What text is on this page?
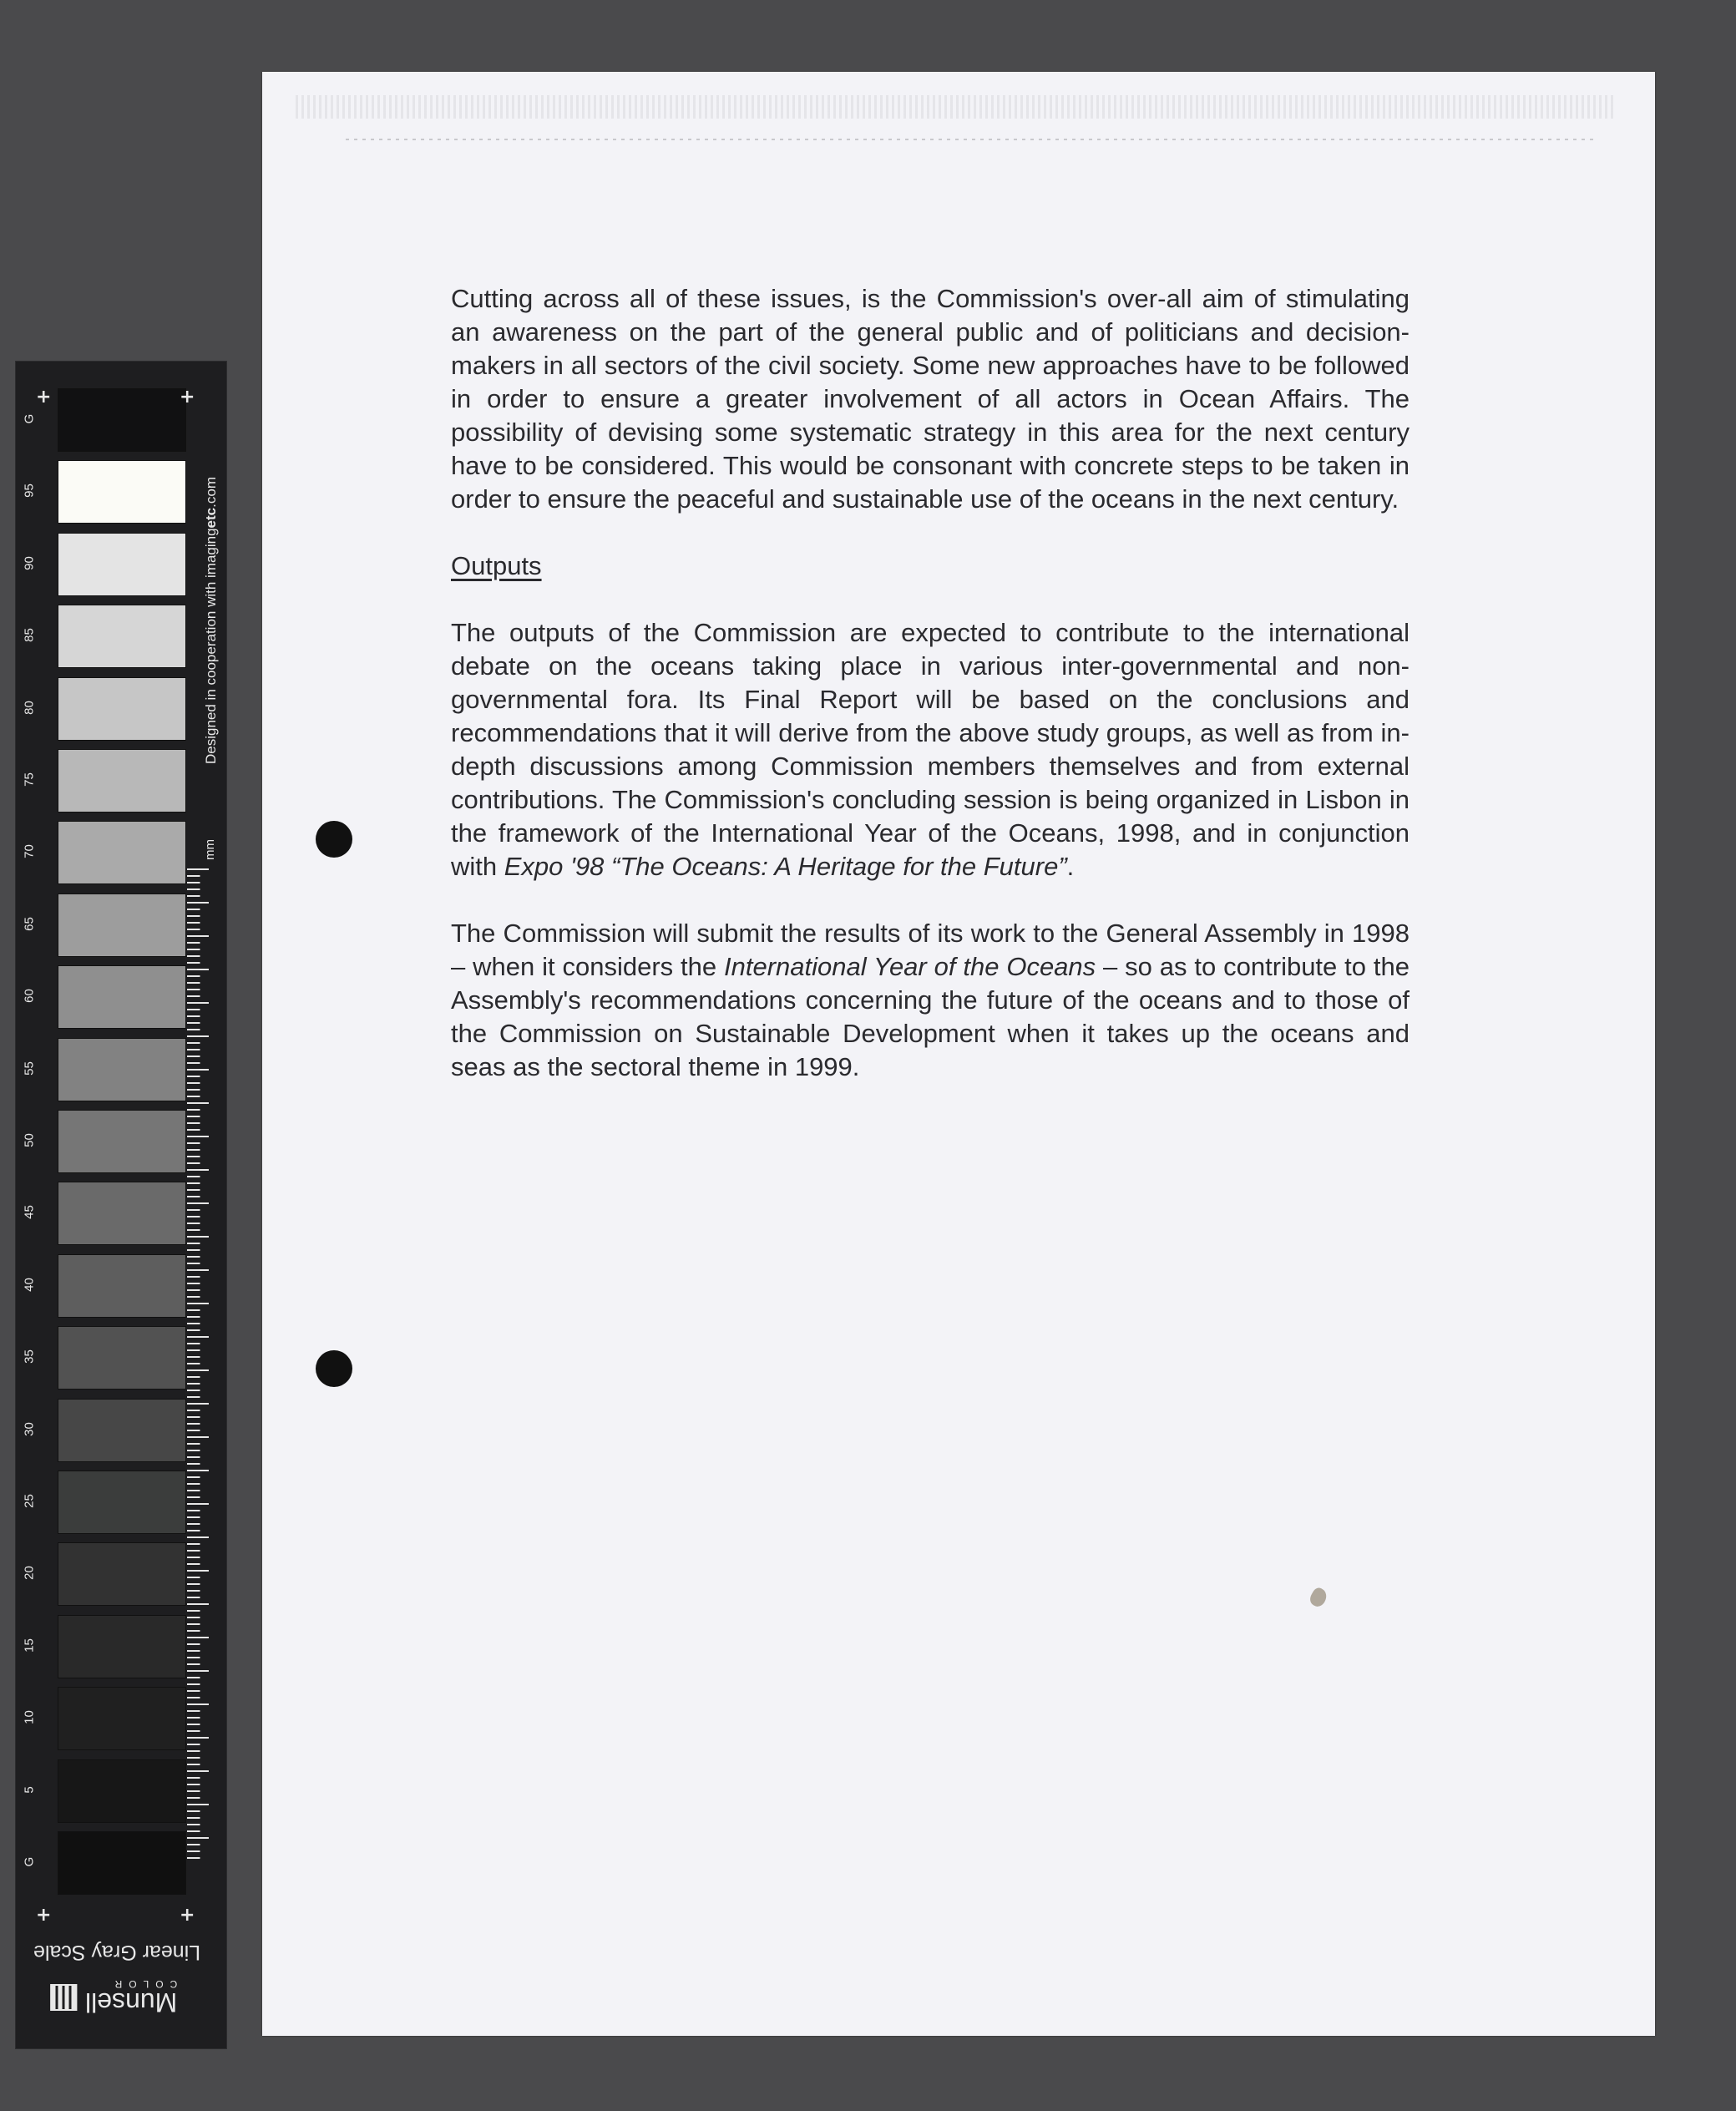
Designed in cooperation with imagingetc.com
G
95
90
85
80
75
70
65
60
55
50
45
40
35
30
25
20
15
10
5
G
+	+
+	+
mm
Linear Gray Scale
Munsell
COLOR

Cutting across all of these issues, is the Commission's over-all aim of stimulating an awareness on the part of the general public and of politicians and decision-makers in all sectors of the civil society. Some new approaches have to be followed in order to ensure a greater involvement of all actors in Ocean Affairs. The possibility of devising some systematic strategy in this area for the next century have to be considered. This would be consonant with concrete steps to be taken in order to ensure the peaceful and sustainable use of the oceans in the next century.

Outputs

The outputs of the Commission are expected to contribute to the international debate on the oceans taking place in various inter-governmental and non-governmental fora. Its Final Report will be based on the conclusions and recommendations that it will derive from the above study groups, as well as from in-depth discussions among Commission members themselves and from external contributions. The Commission's concluding session is being organized in Lisbon in the framework of the International Year of the Oceans, 1998, and in conjunction with Expo '98 “The Oceans: A Heritage for the Future”.

The Commission will submit the results of its work to the General Assembly in 1998 – when it considers the International Year of the Oceans – so as to contribute to the Assembly's recommendations concerning the future of the oceans and to those of the Commission on Sustainable Development when it takes up the oceans and seas as the sectoral theme in 1999.
